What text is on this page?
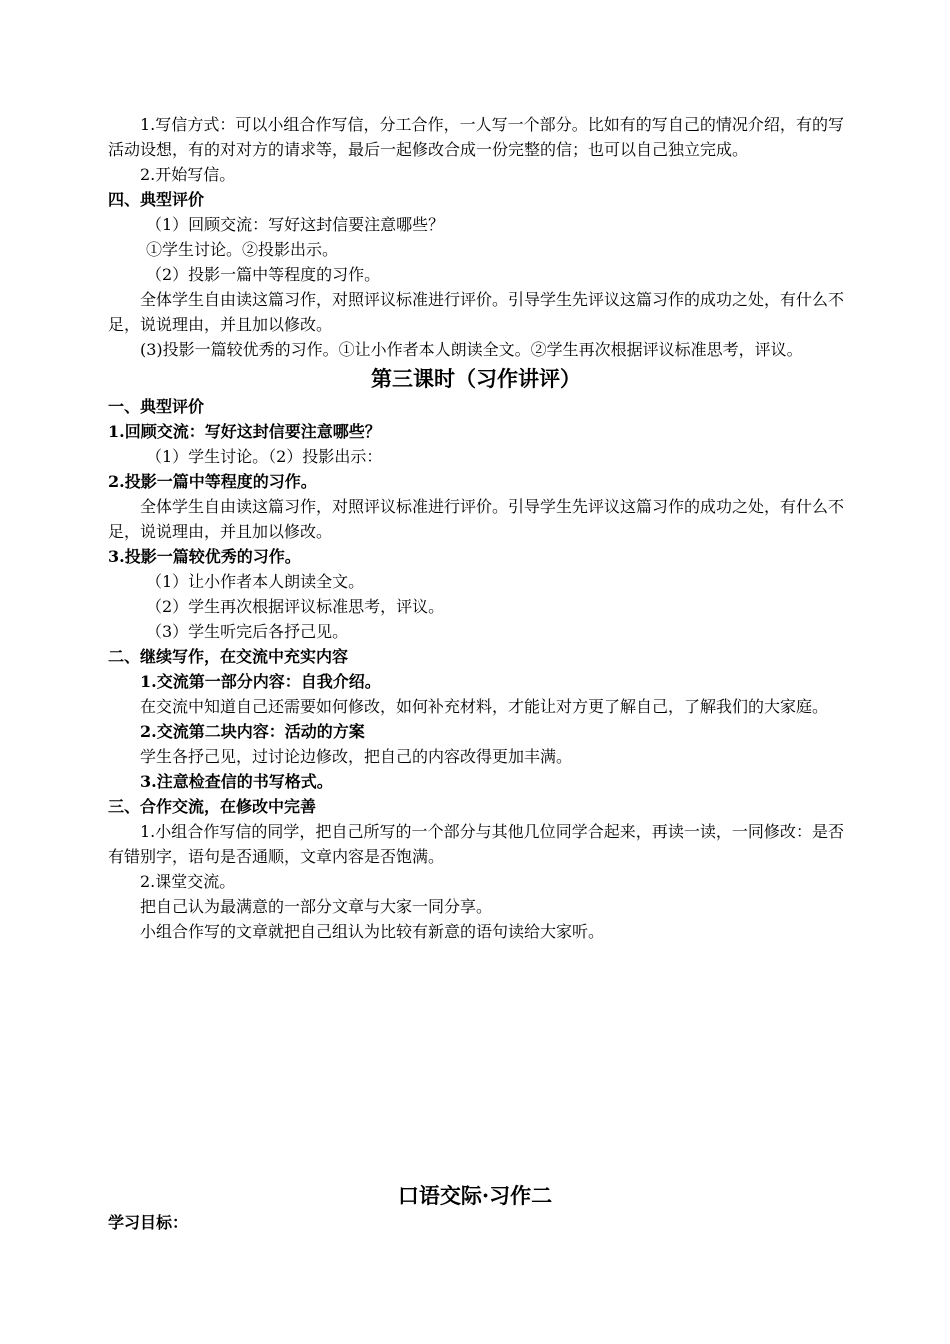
1.写信方式：可以小组合作写信，分工合作，一人写一个部分。比如有的写自己的情况介绍，有的写活动设想，有的对对方的请求等，最后一起修改合成一份完整的信；也可以自己独立完成。

2.开始写信。

四、典型评价

（1）回顾交流：写好这封信要注意哪些？

①学生讨论。②投影出示。

（2）投影一篇中等程度的习作。

全体学生自由读这篇习作，对照评议标准进行评价。引导学生先评议这篇习作的成功之处，有什么不足，说说理由，并且加以修改。

(3)投影一篇较优秀的习作。①让小作者本人朗读全文。②学生再次根据评议标准思考，评议。

第三课时（习作讲评）

一、典型评价

1.回顾交流：写好这封信要注意哪些？

（1）学生讨论。（2）投影出示：

2.投影一篇中等程度的习作。

全体学生自由读这篇习作，对照评议标准进行评价。引导学生先评议这篇习作的成功之处，有什么不足，说说理由，并且加以修改。

3.投影一篇较优秀的习作。

（1）让小作者本人朗读全文。

（2）学生再次根据评议标准思考，评议。

（3）学生听完后各抒己见。

二、继续写作，在交流中充实内容

1.交流第一部分内容：自我介绍。

在交流中知道自己还需要如何修改，如何补充材料，才能让对方更了解自己，了解我们的大家庭。

2.交流第二块内容：活动的方案

学生各抒己见，过讨论边修改，把自己的内容改得更加丰满。

3.注意检查信的书写格式。

三、合作交流，在修改中完善

1.小组合作写信的同学，把自己所写的一个部分与其他几位同学合起来，再读一读，一同修改：是否有错别字，语句是否通顺，文章内容是否饱满。

2.课堂交流。

把自己认为最满意的一部分文章与大家一同分享。

小组合作写的文章就把自己组认为比较有新意的语句读给大家听。

口语交际·习作二
学习目标：
